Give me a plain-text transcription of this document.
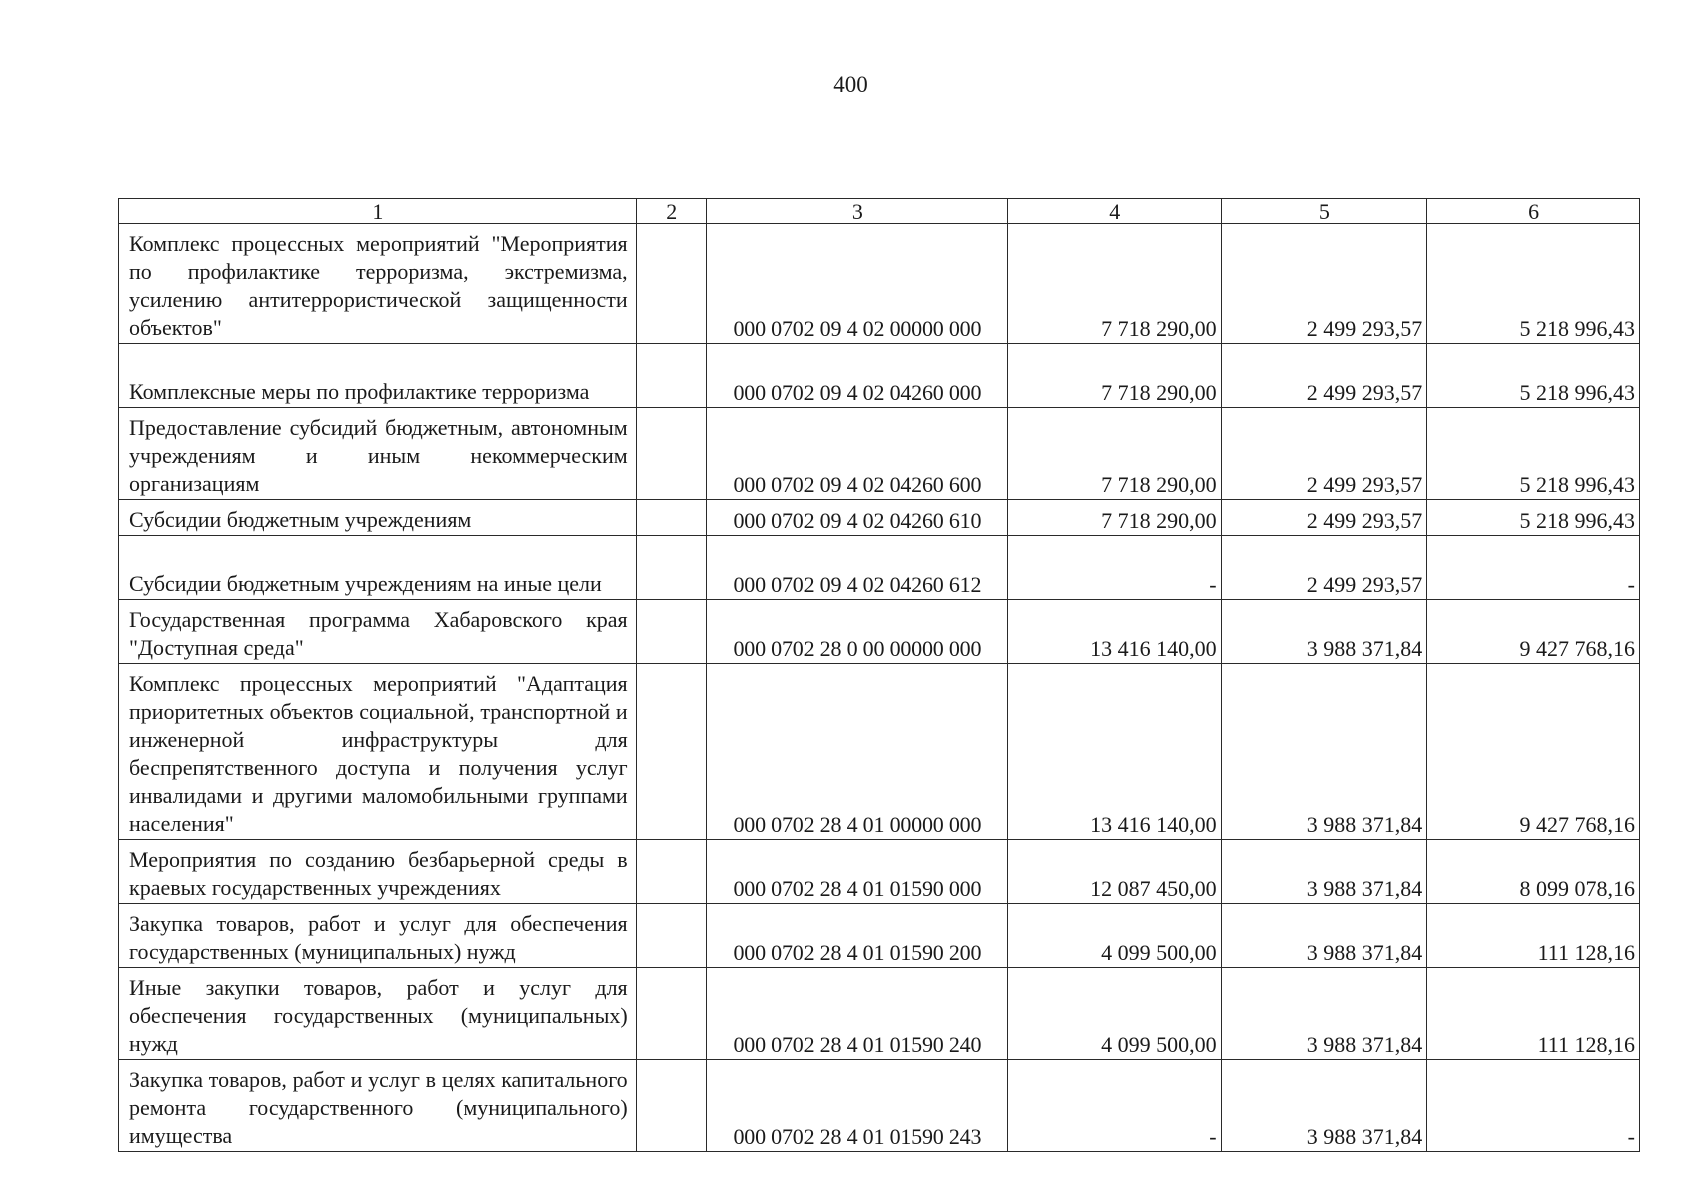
400
1	2	3	4	5	6
Комплекс процессных мероприятий "Мероприятия по профилактике терроризма, экстремизма, усилению антитеррористической защищенности объектов"		000 0702 09 4 02 00000 000	7 718 290,00	2 499 293,57	5 218 996,43
Комплексные меры по профилактике терроризма		000 0702 09 4 02 04260 000	7 718 290,00	2 499 293,57	5 218 996,43
Предоставление субсидий бюджетным, автономным учреждениям и иным некоммерческим организациям		000 0702 09 4 02 04260 600	7 718 290,00	2 499 293,57	5 218 996,43
Субсидии бюджетным учреждениям		000 0702 09 4 02 04260 610	7 718 290,00	2 499 293,57	5 218 996,43
Субсидии бюджетным учреждениям на иные цели		000 0702 09 4 02 04260 612	-	2 499 293,57	-
Государственная программа Хабаровского края "Доступная среда"		000 0702 28 0 00 00000 000	13 416 140,00	3 988 371,84	9 427 768,16
Комплекс процессных мероприятий "Адаптация приоритетных объектов социальной, транспортной и инженерной инфраструктуры для беспрепятственного доступа и получения услуг инвалидами и другими маломобильными группами населения"		000 0702 28 4 01 00000 000	13 416 140,00	3 988 371,84	9 427 768,16
Мероприятия по созданию безбарьерной среды в краевых государственных учреждениях		000 0702 28 4 01 01590 000	12 087 450,00	3 988 371,84	8 099 078,16
Закупка товаров, работ и услуг для обеспечения государственных (муниципальных) нужд		000 0702 28 4 01 01590 200	4 099 500,00	3 988 371,84	111 128,16
Иные закупки товаров, работ и услуг для обеспечения государственных (муниципальных) нужд		000 0702 28 4 01 01590 240	4 099 500,00	3 988 371,84	111 128,16
Закупка товаров, работ и услуг в целях капитального ремонта государственного (муниципального) имущества		000 0702 28 4 01 01590 243	-	3 988 371,84	-
